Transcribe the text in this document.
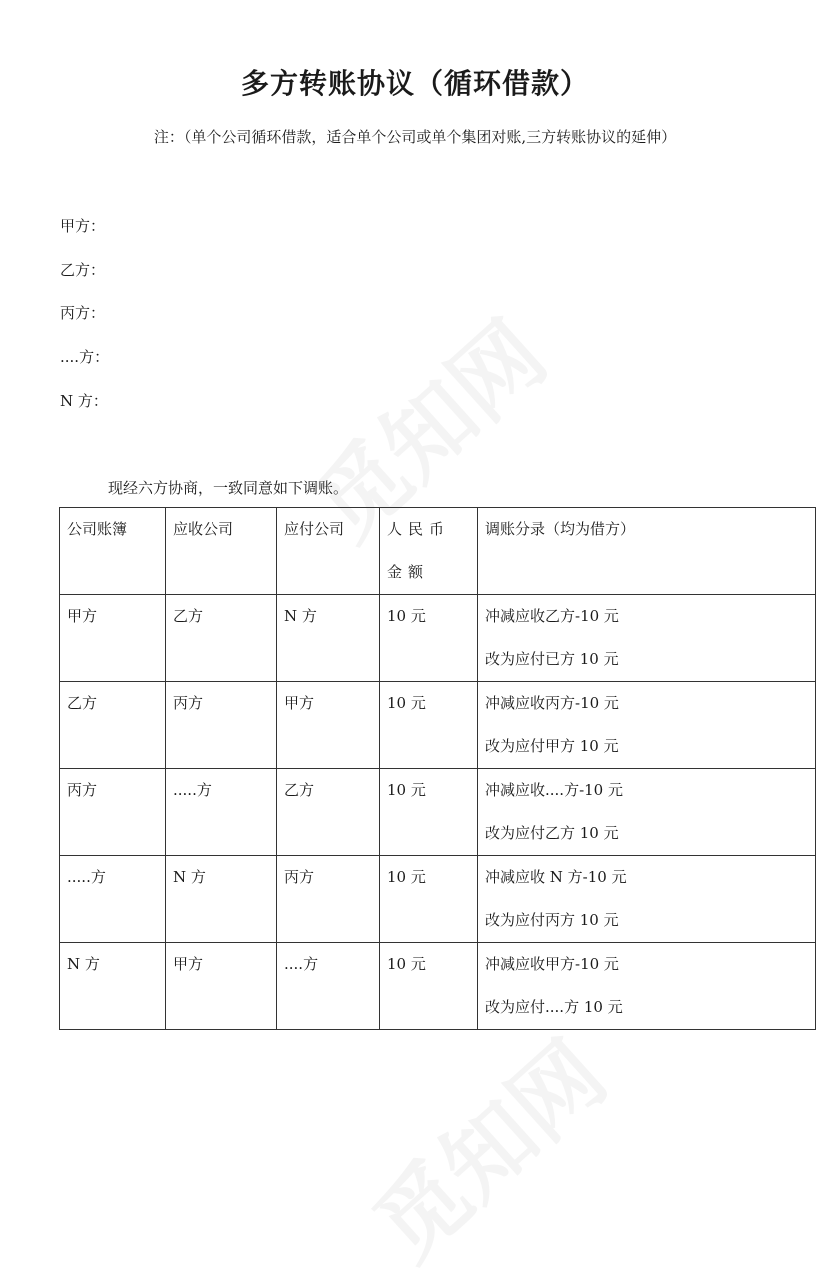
多方转账协议（循环借款）
注：（单个公司循环借款，适合单个公司或单个集团对账,三方转账协议的延伸）
甲方：
乙方：
丙方：
....方：
N 方：
现经六方协商，一致同意如下调账。
公司账簿	应收公司	应付公司	人民币金额	调账分录（均为借方）

甲方	乙方	N 方	10 元	冲减应收乙方-10 元
改为应付已方 10 元

乙方	丙方	甲方	10 元	冲减应收丙方-10 元
改为应付甲方 10 元

丙方	.....方	乙方	10 元	冲减应收....方-10 元
改为应付乙方 10 元

.....方	N 方	丙方	10 元	冲减应收 N 方-10 元
改为应付丙方 10 元

N 方	甲方	....方	10 元	冲减应收甲方-10 元
改为应付....方 10 元
